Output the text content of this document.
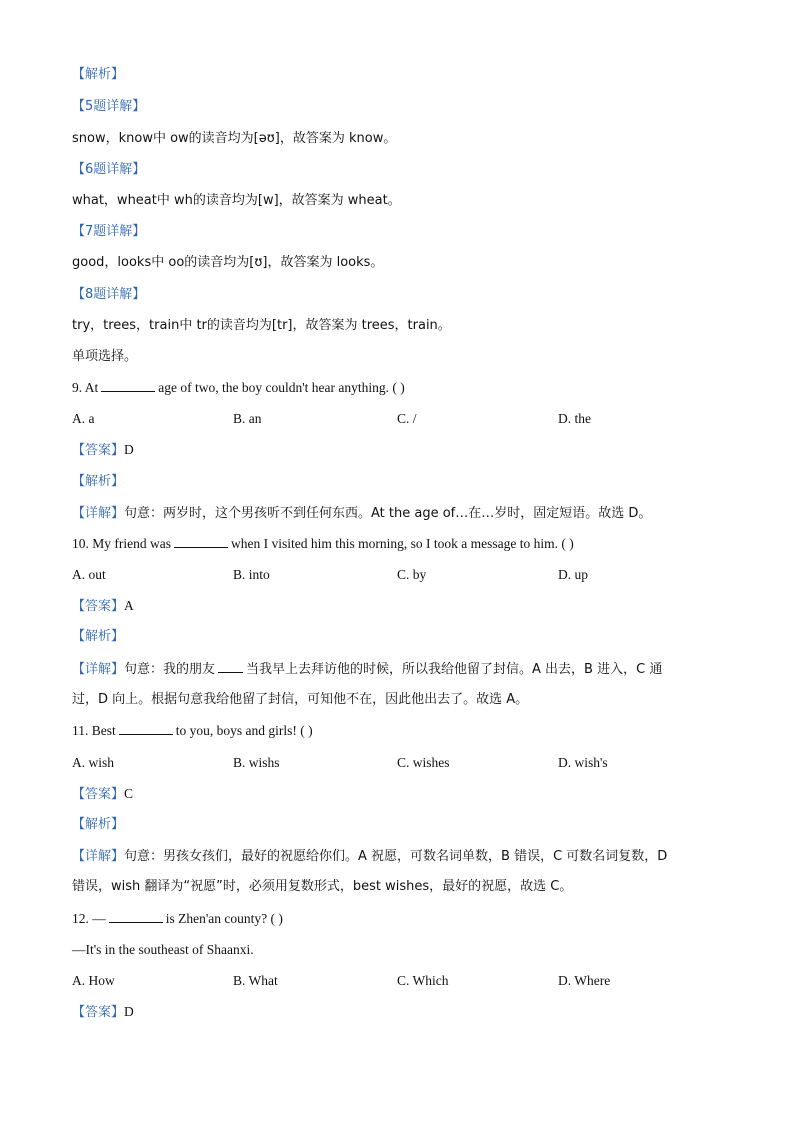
【解析】
【5题详解】
snow，know中 ow的读音均为[əʊ]，故答案为 know。
【6题详解】
what，wheat中 wh的读音均为[w]，故答案为 wheat。
【7题详解】
good，looks中 oo的读音均为[ʊ]，故答案为 looks。
【8题详解】
try，trees，train中 tr的读音均为[tr]，故答案为 trees，train。
单项选择。
9. At	age of two, the boy couldn't hear anything. ( )
A. a	B. an	C. /	D. the
【答案】D
【解析】
【详解】句意：两岁时，这个男孩听不到任何东西。At the age of…在…岁时，固定短语。故选 D。
10. My friend was	when I visited him this morning, so I took a message to him. ( )
A. out	B. into	C. by	D. up
【答案】A
【解析】
【详解】句意：我的朋友 当我早上去拜访他的时候，所以我给他留了封信。A 出去，B 进入，C 通
过，D 向上。根据句意我给他留了封信，可知他不在，因此他出去了。故选 A。
11. Best	to you, boys and girls! ( )
A. wish	B. wishs	C. wishes	D. wish's
【答案】C
【解析】
【详解】句意：男孩女孩们，最好的祝愿给你们。A 祝愿，可数名词单数，B 错误，C 可数名词复数，D
错误，wish 翻译为“祝愿”时，必须用复数形式，best wishes，最好的祝愿，故选 C。
12. —	is Zhen'an county? ( )
—It's in the southeast of Shaanxi.
A. How	B. What	C. Which	D. Where
【答案】D
